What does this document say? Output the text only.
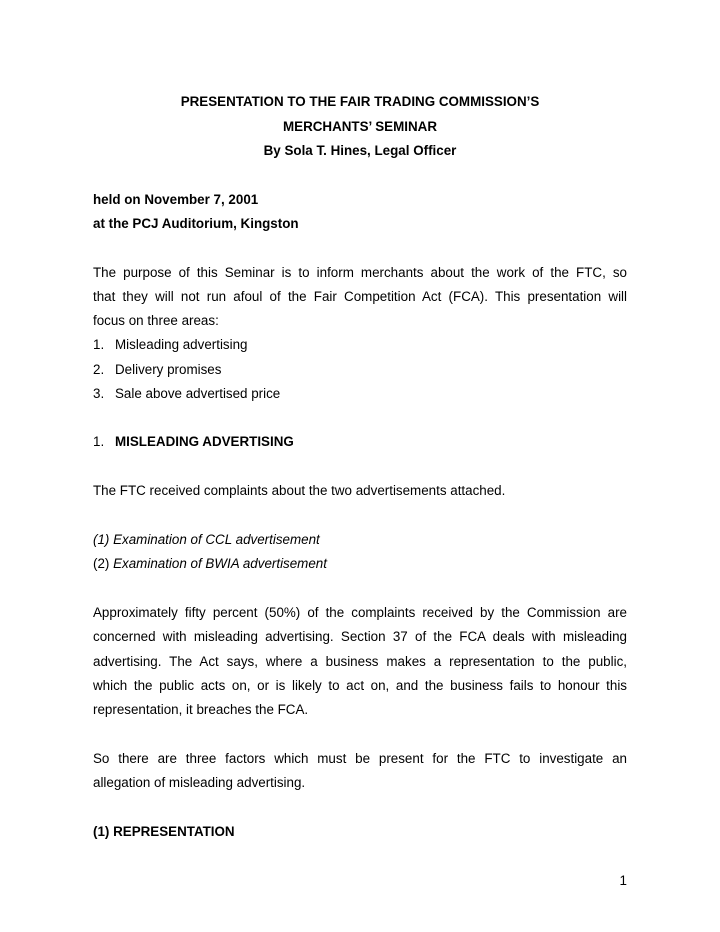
PRESENTATION TO THE FAIR TRADING COMMISSION’S
MERCHANTS’ SEMINAR
By Sola T. Hines, Legal Officer
held on November 7, 2001
at the PCJ Auditorium, Kingston
The purpose of this Seminar is to inform merchants about the work of the FTC, so
that they will not run afoul of the Fair Competition Act (FCA). This presentation will
focus on three areas:
1. Misleading advertising
2. Delivery promises
3. Sale above advertised price
1. MISLEADING ADVERTISING
The FTC received complaints about the two advertisements attached.
(1) Examination of CCL advertisement
(2) Examination of BWIA advertisement
Approximately fifty percent (50%) of the complaints received by the Commission are
concerned with misleading advertising. Section 37 of the FCA deals with misleading
advertising. The Act says, where a business makes a representation to the public,
which the public acts on, or is likely to act on, and the business fails to honour this
representation, it breaches the FCA.
So there are three factors which must be present for the FTC to investigate an
allegation of misleading advertising.
(1) REPRESENTATION
1
